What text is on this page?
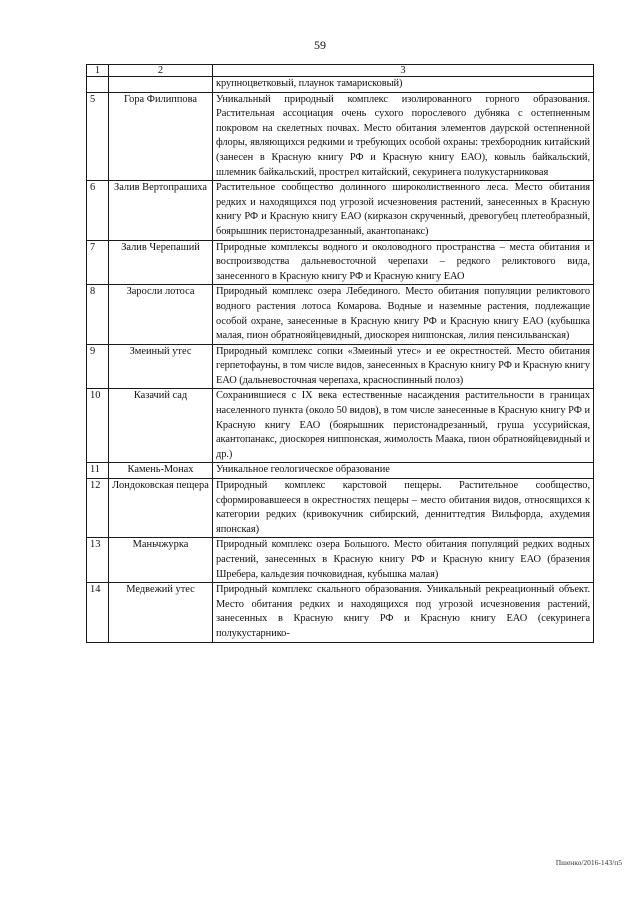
59
1	2	3
		крупноцветковый, плаунок тамарисковый)
5	Гора Филиппова	Уникальный природный комплекс изолированного горного образования. Растительная ассоциация очень сухого порослевого дубняка с остепненным покровом на скелетных почвах. Место обитания элементов даурской остепненной флоры, являющихся редкими и требующих особой охраны: трехбородник китайский (занесен в Красную книгу РФ и Красную книгу ЕАО), ковыль байкальский, шлемник байкальский, прострел китайский, секуринега полукустарниковая
6	Залив Вертопрашиха	Растительное сообщество долинного широколиственного леса. Место обитания редких и находящихся под угрозой исчезновения растений, занесенных в Красную книгу РФ и Красную книгу ЕАО (кирказон скрученный, древогубец плетеобразный, боярышник перистонадрезанный, акантопанакс)
7	Залив Черепаший	Природные комплексы водного и околоводного пространства – места обитания и воспроизводства дальневосточной черепахи – редкого реликтового вида, занесенного в Красную книгу РФ и Красную книгу ЕАО
8	Заросли лотоса	Природный комплекс озера Лебединого. Место обитания популяции реликтового водного растения лотоса Комарова. Водные и наземные растения, подлежащие особой охране, занесенные в Красную книгу РФ и Красную книгу ЕАО (кубышка малая, пион обратнояйцевидный, диоскорея ниппонская, лилия пенсильванская)
9	Змеиный утес	Природный комплекс сопки «Змеиный утес» и ее окрестностей. Место обитания герпетофауны, в том числе видов, занесенных в Красную книгу РФ и Красную книгу ЕАО (дальневосточная черепаха, красноспинный полоз)
10	Казачий сад	Сохранившиеся с IX века естественные насаждения растительности в границах населенного пункта (около 50 видов), в том числе занесенные в Красную книгу РФ и Красную книгу ЕАО (боярышник перистонадрезанный, груша уссурийская, акантопанакс, диоскорея ниппонская, жимолость Маака, пион обратнояйцевидный и др.)
11	Камень-Монах	Уникальное геологическое образование
12	Лондоковская пещера	Природный комплекс карстовой пещеры. Растительное сообщество, сформировавшееся в окрестностях пещеры – место обитания видов, относящихся к категории редких (кривокучник сибирский, денниттедтия Вильфорда, ахудемия японская)
13	Маньчжурка	Природный комплекс озера Большого. Место обитания популяций редких водных растений, занесенных в Красную книгу РФ и Красную книгу ЕАО (бразения Шребера, кальдезия почковидная, кубышка малая)
14	Медвежий утес	Природный комплекс скального образования. Уникальный рекреационный объект. Место обитания редких и находящихся под угрозой исчезновения растений, занесенных в Красную книгу РФ и Красную книгу ЕАО (секуринега полукустарнико-
Пшенко/2016-143/п5
